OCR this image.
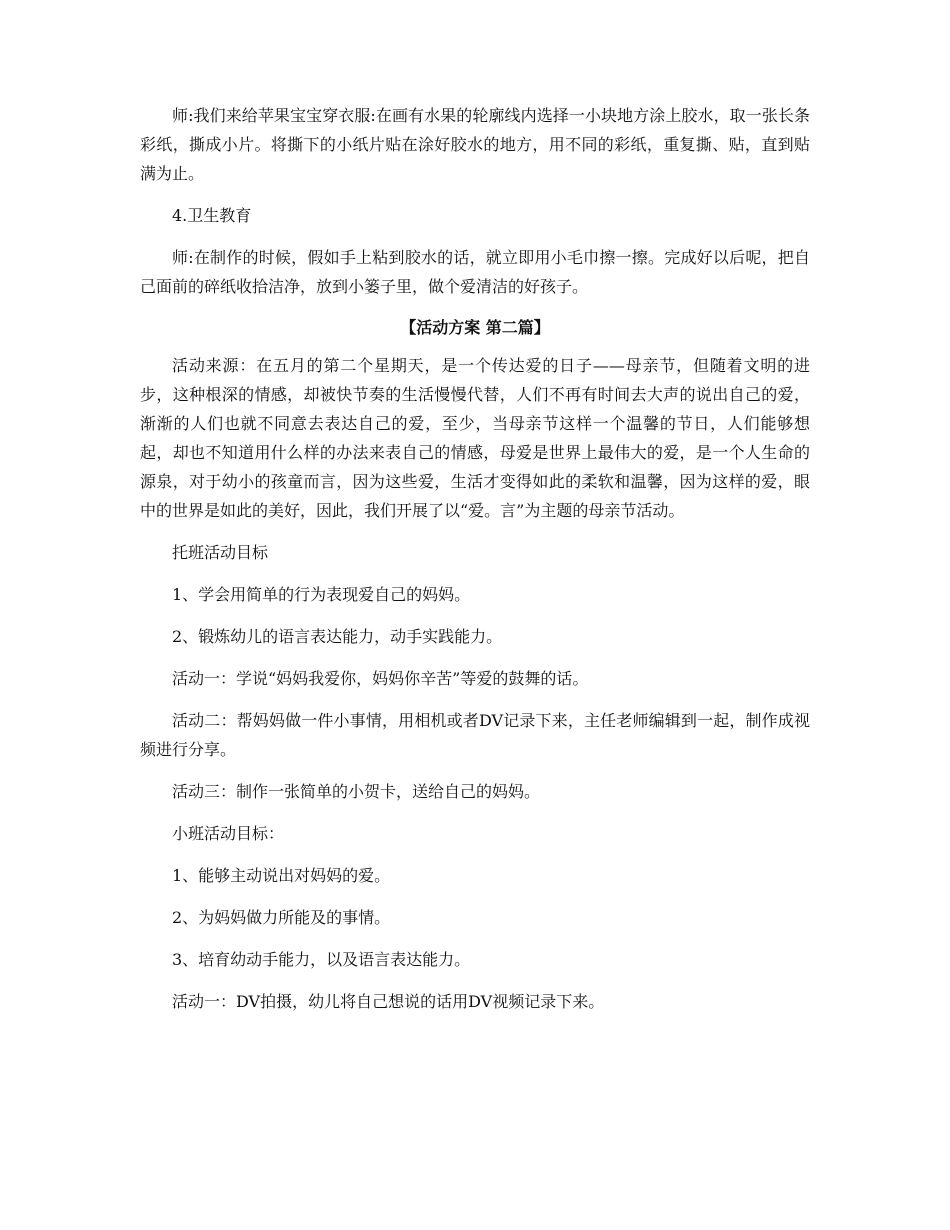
师:我们来给苹果宝宝穿衣服:在画有水果的轮廓线内选择一小块地方涂上胶水，取一张长条彩纸，撕成小片。将撕下的小纸片贴在涂好胶水的地方，用不同的彩纸，重复撕、贴，直到贴满为止。

4.卫生教育

师:在制作的时候，假如手上粘到胶水的话，就立即用小毛巾擦一擦。完成好以后呢，把自己面前的碎纸收拾洁净，放到小篓子里，做个爱清洁的好孩子。

【活动方案 第二篇】

活动来源：在五月的第二个星期天，是一个传达爱的日子——母亲节，但随着文明的进步，这种根深的情感，却被快节奏的生活慢慢代替，人们不再有时间去大声的说出自己的爱，渐渐的人们也就不同意去表达自己的爱，至少，当母亲节这样一个温馨的节日，人们能够想起，却也不知道用什么样的办法来表自己的情感，母爱是世界上最伟大的爱，是一个人生命的源泉，对于幼小的孩童而言，因为这些爱，生活才变得如此的柔软和温馨，因为这样的爱，眼中的世界是如此的美好，因此，我们开展了以“爱。言”为主题的母亲节活动。

托班活动目标

1、学会用简单的行为表现爱自己的妈妈。

2、锻炼幼儿的语言表达能力，动手实践能力。

活动一：学说“妈妈我爱你，妈妈你辛苦”等爱的鼓舞的话。

活动二：帮妈妈做一件小事情，用相机或者DV记录下来，主任老师编辑到一起，制作成视频进行分享。

活动三：制作一张简单的小贺卡，送给自己的妈妈。

小班活动目标：

1、能够主动说出对妈妈的爱。

2、为妈妈做力所能及的事情。

3、培育幼动手能力，以及语言表达能力。

活动一：DV拍摄，幼儿将自己想说的话用DV视频记录下来。
